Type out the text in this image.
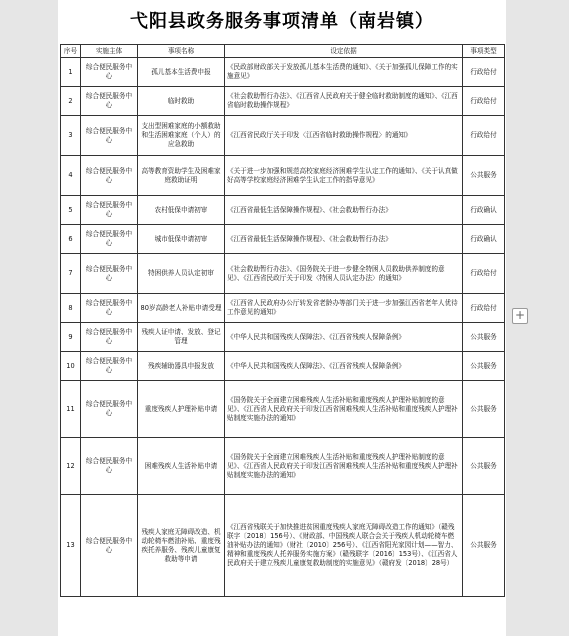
弋阳县政务服务事项清单（南岩镇）
序号	实施主体	事项名称	设定依据	事项类型
1	综合便民服务中心	孤儿基本生活费申报	《民政部财政部关于发放孤儿基本生活费的通知》、《关于加强孤儿保障工作的实施意见》	行政给付
2	综合便民服务中心	临时救助	《社会救助暂行办法》、《江西省人民政府关于健全临时救助制度的通知》、《江西省临时救助操作规程》	行政给付
3	综合便民服务中心	支出型困难家庭的小额救助和生活困难家庭（个人）的应急救助	《江西省民政厅关于印发〈江西省临时救助操作规程〉的通知》	行政给付
4	综合便民服务中心	高等教育资助学生及困难家庭救助证明	《关于进一步加强和规范高校家庭经济困难学生认定工作的通知》、《关于认真做好高等学校家庭经济困难学生认定工作的指导意见》	公共服务
5	综合便民服务中心	农村低保申请初审	《江西省最低生活保障操作规程》、《社会救助暂行办法》	行政确认
6	综合便民服务中心	城市低保申请初审	《江西省最低生活保障操作规程》、《社会救助暂行办法》	行政确认
7	综合便民服务中心	特困供养人员认定初审	《社会救助暂行办法》、《国务院关于进一步健全特困人员救助供养制度的意见》、《江西省民政厅关于印发〈特困人员认定办法〉的通知》	行政给付
8	综合便民服务中心	80岁高龄老人补贴申请受理	《江西省人民政府办公厅转发省老龄办等部门关于进一步加强江西省老年人优待工作意见的通知》	行政给付
9	综合便民服务中心	残疾人证申请、发放、登记管理	《中华人民共和国残疾人保障法》、《江西省残疾人保障条例》	公共服务
10	综合便民服务中心	残疾辅助器具申报发放	《中华人民共和国残疾人保障法》、《江西省残疾人保障条例》	公共服务
11	综合便民服务中心	重度残疾人护理补贴申请	《国务院关于全面建立困难残疾人生活补贴和重度残疾人护理补贴制度的意见》、《江西省人民政府关于印发江西省困难残疾人生活补贴和重度残疾人护理补贴制度实施办法的通知》	公共服务
12	综合便民服务中心	困难残疾人生活补贴申请	《国务院关于全面建立困难残疾人生活补贴和重度残疾人护理补贴制度的意见》、《江西省人民政府关于印发江西省困难残疾人生活补贴和重度残疾人护理补贴制度实施办法的通知》	公共服务
13	综合便民服务中心	残疾人家庭无障碍改造、机动轮椅车燃油补贴、重度残疾托养服务、残疾儿童康复救助等申请	《江西省残联关于加快推进贫困重度残疾人家庭无障碍改造工作的通知》（赣残联字〔2018〕156号）、《财政部、中国残疾人联合会关于残疾人机动轮椅车燃油补贴办法的通知》（财社〔2010〕256号）、《江西省阳光家园计划——智力、精神和重度残疾人托养服务实施方案》（赣残联字〔2016〕153号）、《江西省人民政府关于建立残疾儿童康复救助制度的实施意见》（赣府发〔2018〕28号）	公共服务
+
